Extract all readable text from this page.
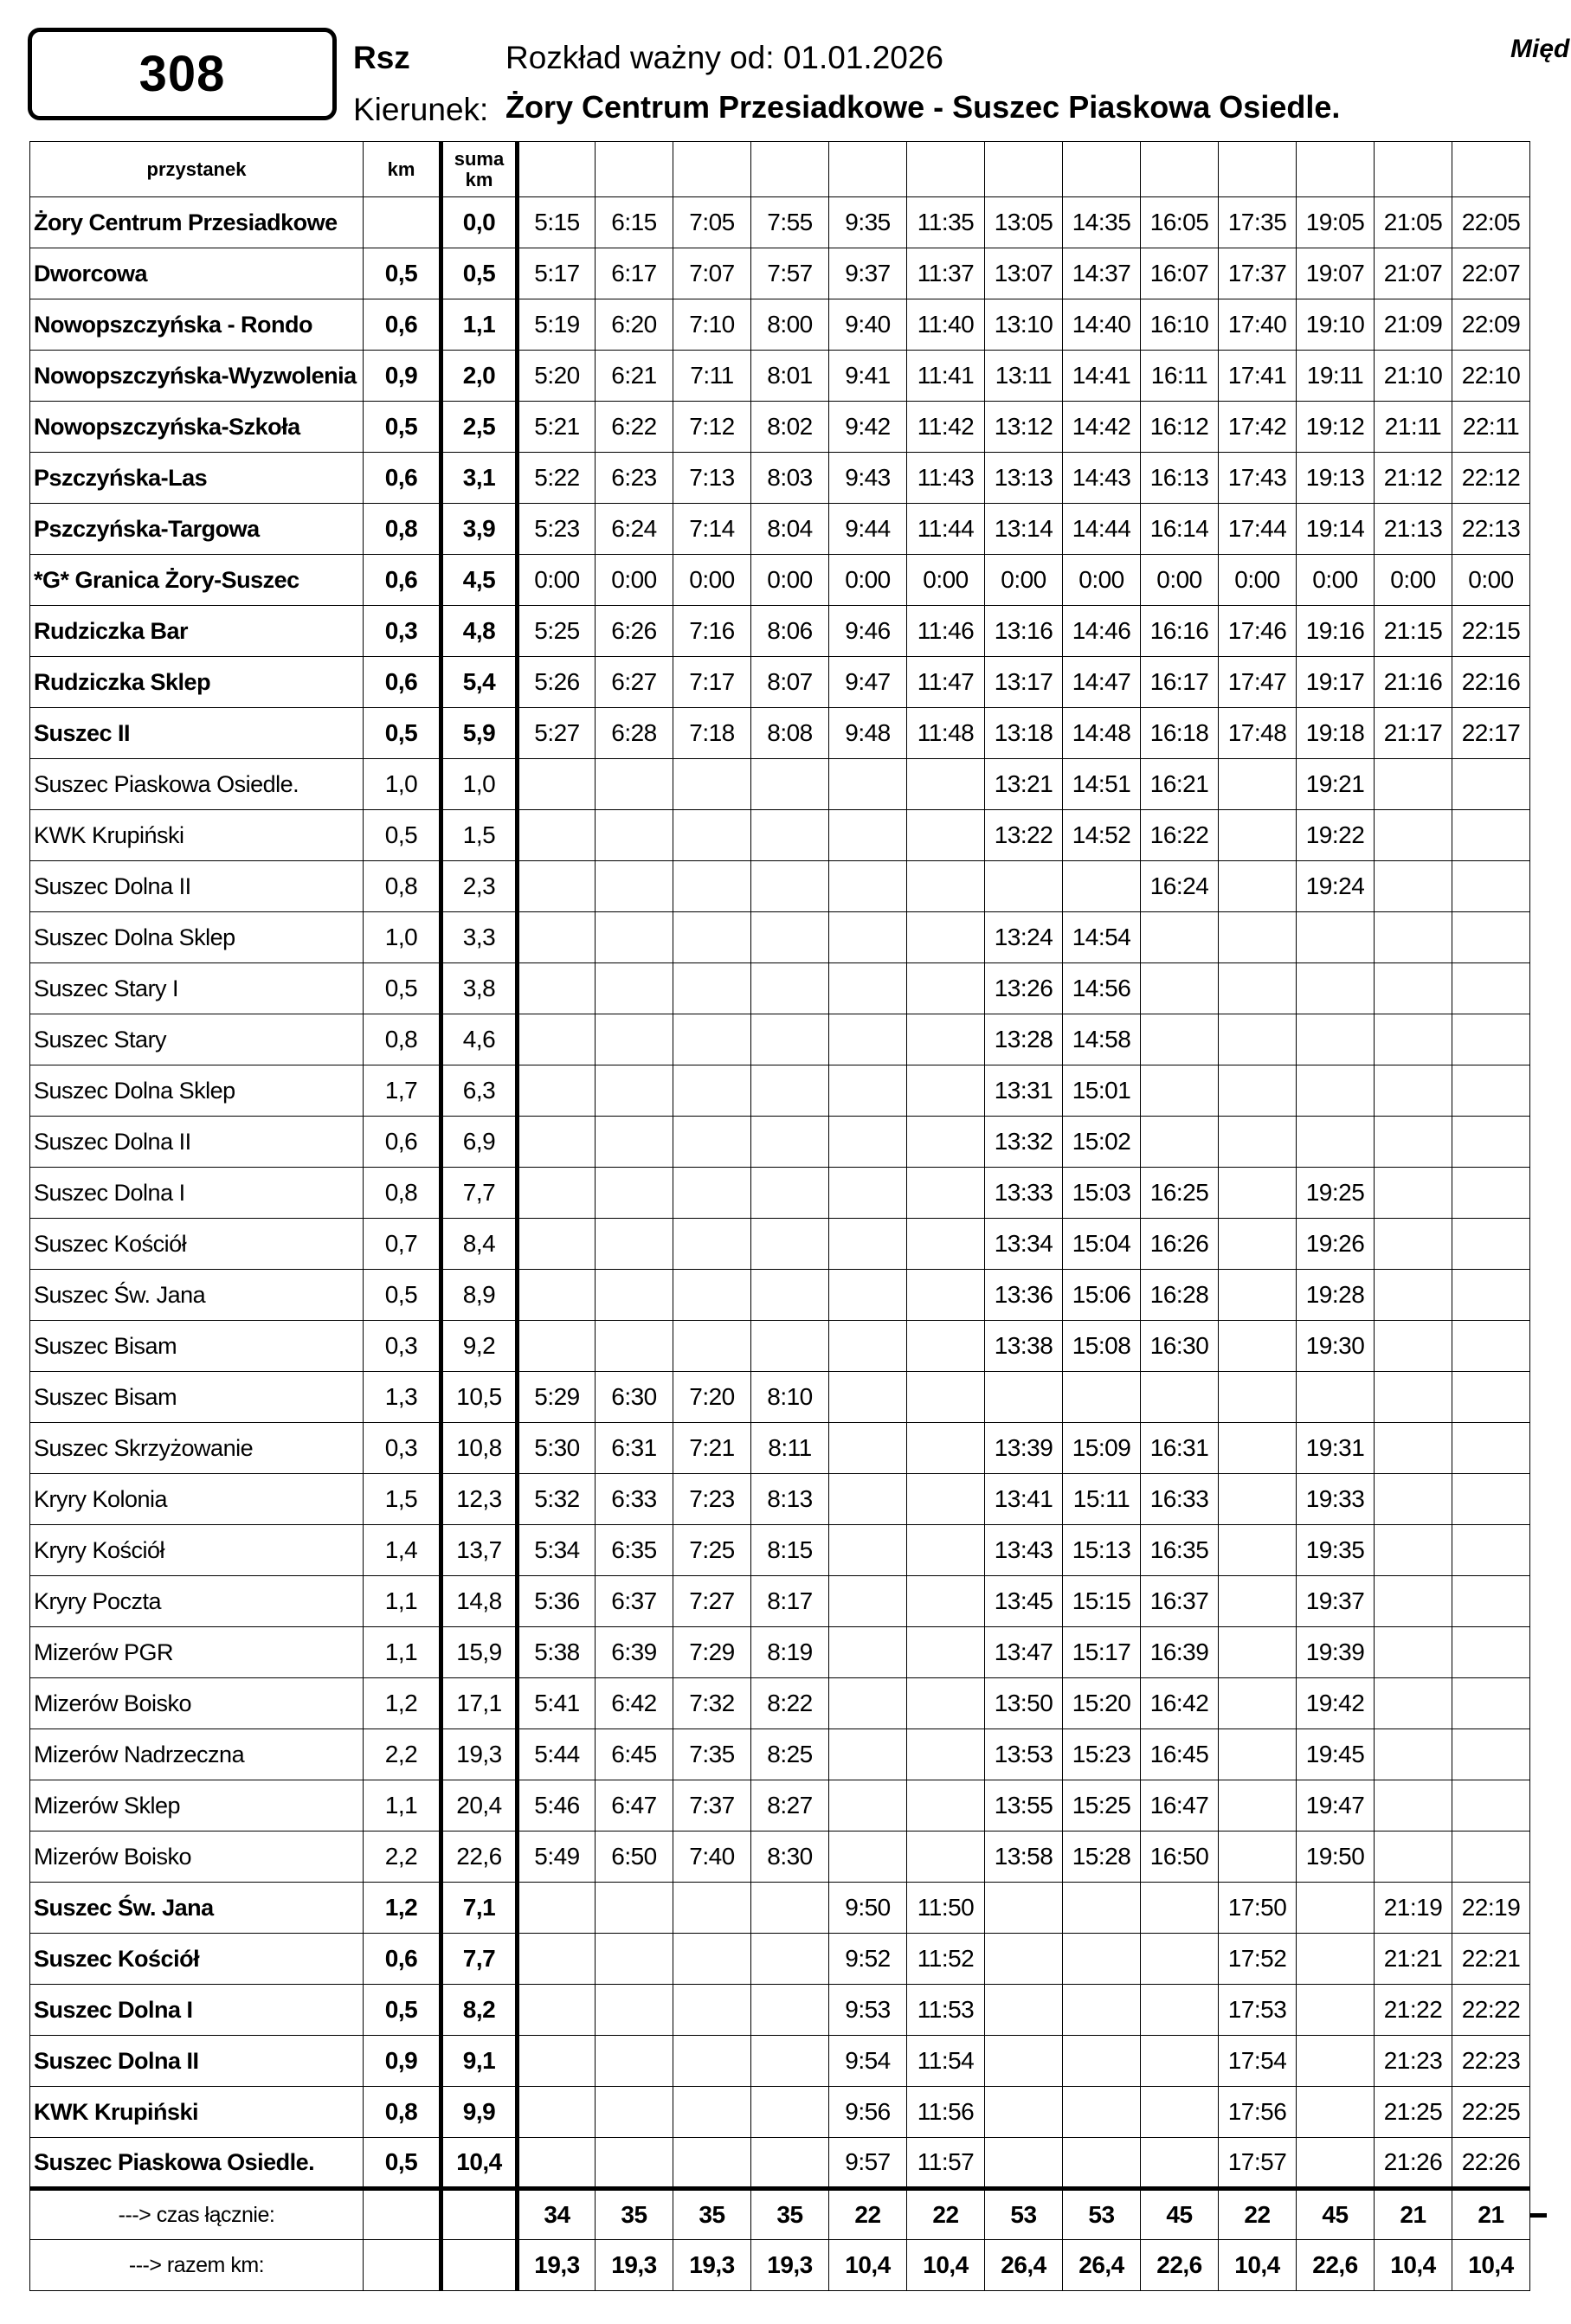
308	Rsz	Rozkład ważny od: 01.01.2026
Kierunek: Żory Centrum Przesiadkowe - Suszec Piaskowa Osiedle.
Międ
przystanek	km	suma
km													
Żory Centrum Przesiadkowe		0,0	5:15	6:15	7:05	7:55	9:35	11:35	13:05	14:35	16:05	17:35	19:05	21:05	22:05
Dworcowa	0,5	0,5	5:17	6:17	7:07	7:57	9:37	11:37	13:07	14:37	16:07	17:37	19:07	21:07	22:07
Nowopszczyńska - Rondo	0,6	1,1	5:19	6:20	7:10	8:00	9:40	11:40	13:10	14:40	16:10	17:40	19:10	21:09	22:09
Nowopszczyńska-Wyzwolenia	0,9	2,0	5:20	6:21	7:11	8:01	9:41	11:41	13:11	14:41	16:11	17:41	19:11	21:10	22:10
Nowopszczyńska-Szkoła	0,5	2,5	5:21	6:22	7:12	8:02	9:42	11:42	13:12	14:42	16:12	17:42	19:12	21:11	22:11
Pszczyńska-Las	0,6	3,1	5:22	6:23	7:13	8:03	9:43	11:43	13:13	14:43	16:13	17:43	19:13	21:12	22:12
Pszczyńska-Targowa	0,8	3,9	5:23	6:24	7:14	8:04	9:44	11:44	13:14	14:44	16:14	17:44	19:14	21:13	22:13
*G* Granica Żory-Suszec	0,6	4,5	0:00	0:00	0:00	0:00	0:00	0:00	0:00	0:00	0:00	0:00	0:00	0:00	0:00
Rudziczka Bar	0,3	4,8	5:25	6:26	7:16	8:06	9:46	11:46	13:16	14:46	16:16	17:46	19:16	21:15	22:15
Rudziczka Sklep	0,6	5,4	5:26	6:27	7:17	8:07	9:47	11:47	13:17	14:47	16:17	17:47	19:17	21:16	22:16
Suszec II	0,5	5,9	5:27	6:28	7:18	8:08	9:48	11:48	13:18	14:48	16:18	17:48	19:18	21:17	22:17
Suszec Piaskowa Osiedle.	1,0	1,0							13:21	14:51	16:21		19:21		
KWK Krupiński	0,5	1,5							13:22	14:52	16:22		19:22		
Suszec Dolna II	0,8	2,3									16:24		19:24		
Suszec Dolna Sklep	1,0	3,3							13:24	14:54					
Suszec Stary I	0,5	3,8							13:26	14:56					
Suszec Stary	0,8	4,6							13:28	14:58					
Suszec Dolna Sklep	1,7	6,3							13:31	15:01					
Suszec Dolna II	0,6	6,9							13:32	15:02					
Suszec Dolna I	0,8	7,7							13:33	15:03	16:25		19:25		
Suszec Kościół	0,7	8,4							13:34	15:04	16:26		19:26		
Suszec Św. Jana	0,5	8,9							13:36	15:06	16:28		19:28		
Suszec Bisam	0,3	9,2							13:38	15:08	16:30		19:30		
Suszec Bisam	1,3	10,5	5:29	6:30	7:20	8:10									
Suszec Skrzyżowanie	0,3	10,8	5:30	6:31	7:21	8:11			13:39	15:09	16:31		19:31		
Kryry Kolonia	1,5	12,3	5:32	6:33	7:23	8:13			13:41	15:11	16:33		19:33		
Kryry Kościół	1,4	13,7	5:34	6:35	7:25	8:15			13:43	15:13	16:35		19:35		
Kryry Poczta	1,1	14,8	5:36	6:37	7:27	8:17			13:45	15:15	16:37		19:37		
Mizerów PGR	1,1	15,9	5:38	6:39	7:29	8:19			13:47	15:17	16:39		19:39		
Mizerów Boisko	1,2	17,1	5:41	6:42	7:32	8:22			13:50	15:20	16:42		19:42		
Mizerów Nadrzeczna	2,2	19,3	5:44	6:45	7:35	8:25			13:53	15:23	16:45		19:45		
Mizerów Sklep	1,1	20,4	5:46	6:47	7:37	8:27			13:55	15:25	16:47		19:47		
Mizerów Boisko	2,2	22,6	5:49	6:50	7:40	8:30			13:58	15:28	16:50		19:50		
Suszec Św. Jana	1,2	7,1					9:50	11:50				17:50		21:19	22:19
Suszec Kościół	0,6	7,7					9:52	11:52				17:52		21:21	22:21
Suszec Dolna I	0,5	8,2					9:53	11:53				17:53		21:22	22:22
Suszec Dolna II	0,9	9,1					9:54	11:54				17:54		21:23	22:23
KWK Krupiński	0,8	9,9					9:56	11:56				17:56		21:25	22:25
Suszec Piaskowa Osiedle.	0,5	10,4					9:57	11:57				17:57		21:26	22:26
---> czas łącznie:			34	35	35	35	22	22	53	53	45	22	45	21	21
---> razem km:			19,3	19,3	19,3	19,3	10,4	10,4	26,4	26,4	22,6	10,4	22,6	10,4	10,4
